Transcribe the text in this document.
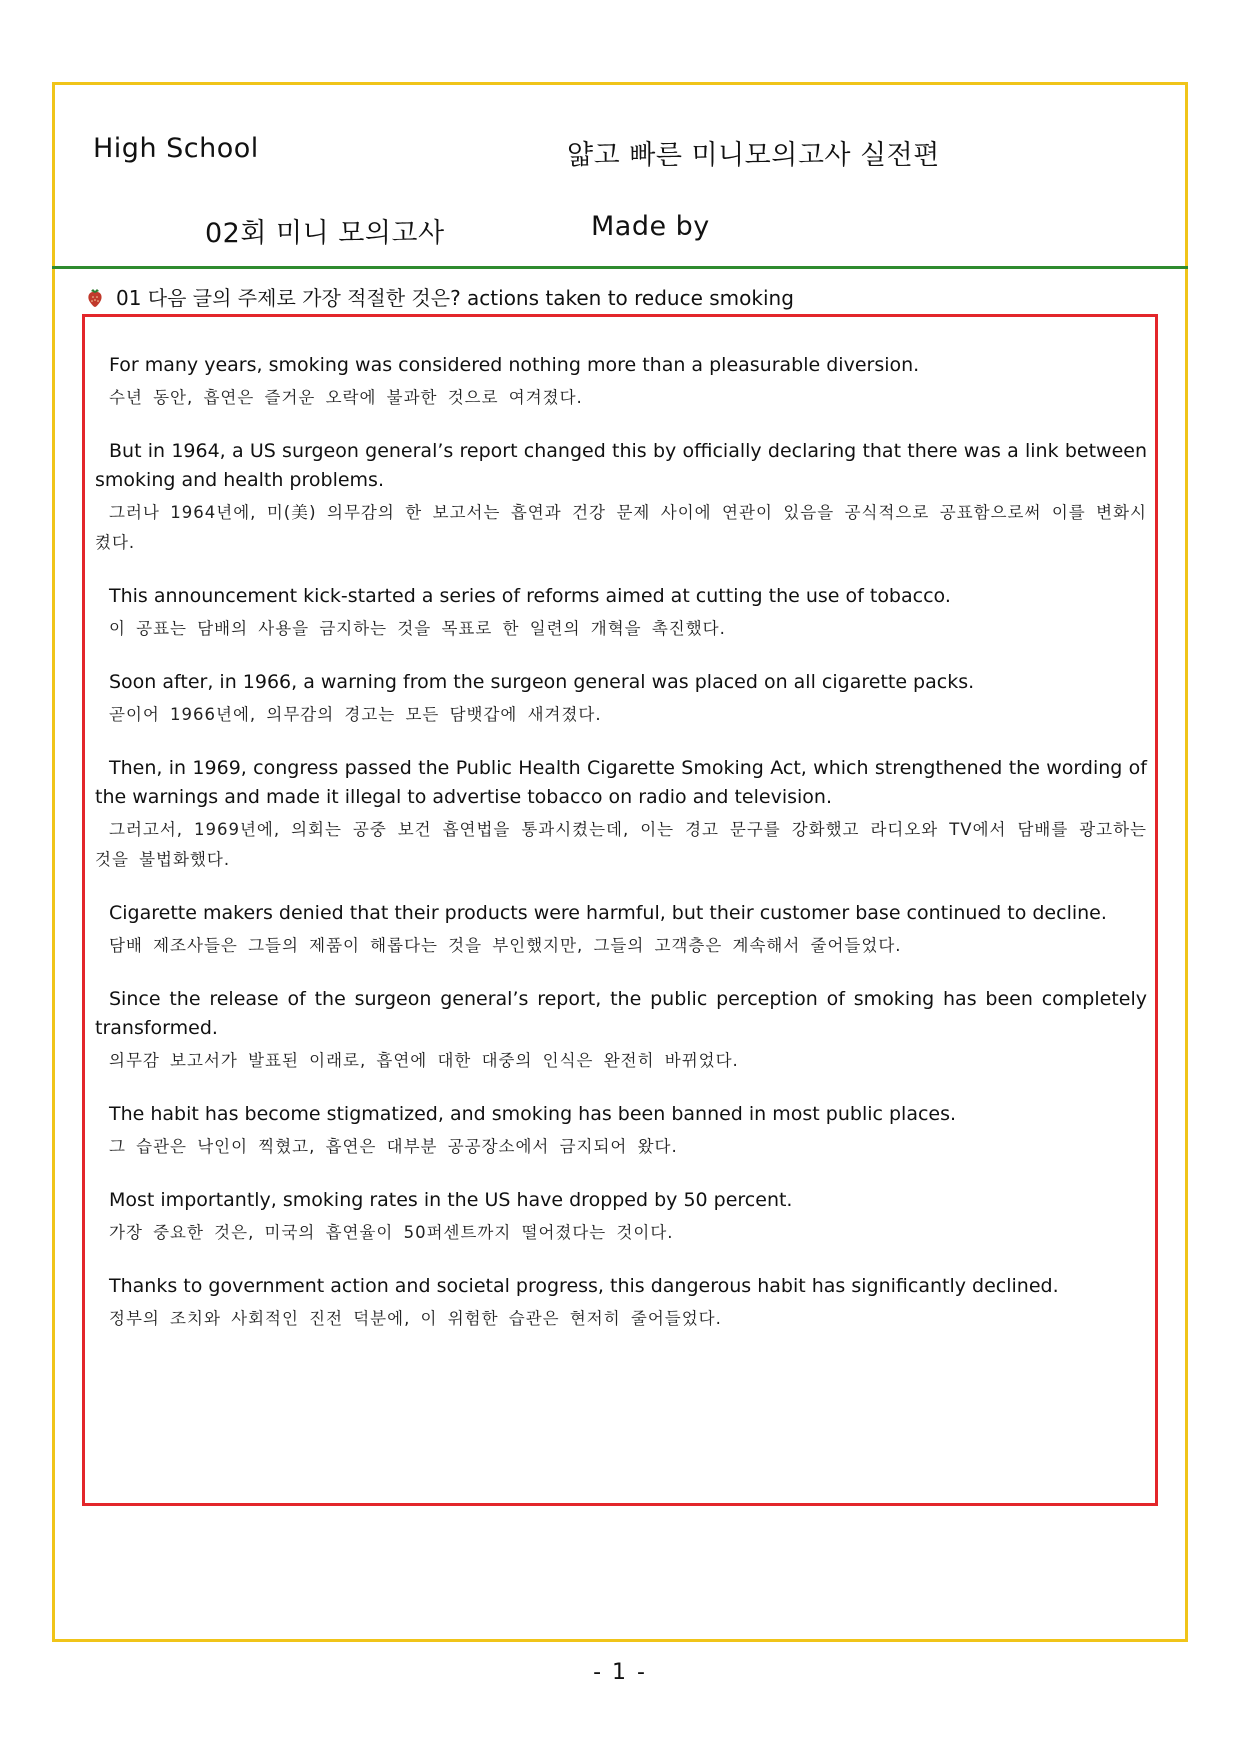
High School	얇고 빠른 미니모의고사 실전편
02회 미니 모의고사	Made by
01 다음 글의 주제로 가장 적절한 것은? actions taken to reduce smoking

For many years, smoking was considered nothing more than a pleasurable diversion.

수년 동안, 흡연은 즐거운 오락에 불과한 것으로 여겨졌다.

But in 1964, a US surgeon general’s report changed this by officially declaring that there was a link between smoking and health problems.

그러나 1964년에, 미(美) 의무감의 한 보고서는 흡연과 건강 문제 사이에 연관이 있음을 공식적으로 공표함으로써 이를 변화시켰다.

This announcement kick-started a series of reforms aimed at cutting the use of tobacco.

이 공표는 담배의 사용을 금지하는 것을 목표로 한 일련의 개혁을 촉진했다.

Soon after, in 1966, a warning from the surgeon general was placed on all cigarette packs.

곧이어 1966년에, 의무감의 경고는 모든 담뱃갑에 새겨졌다.

Then, in 1969, congress passed the Public Health Cigarette Smoking Act, which strengthened the wording of the warnings and made it illegal to advertise tobacco on radio and television.

그러고서, 1969년에, 의회는 공중 보건 흡연법을 통과시켰는데, 이는 경고 문구를 강화했고 라디오와 TV에서 담배를 광고하는 것을 불법화했다.

Cigarette makers denied that their products were harmful, but their customer base continued to decline.

담배 제조사들은 그들의 제품이 해롭다는 것을 부인했지만, 그들의 고객층은 계속해서 줄어들었다.

Since the release of the surgeon general’s report, the public perception of smoking has been completely transformed.

의무감 보고서가 발표된 이래로, 흡연에 대한 대중의 인식은 완전히 바뀌었다.

The habit has become stigmatized, and smoking has been banned in most public places.

그 습관은 낙인이 찍혔고, 흡연은 대부분 공공장소에서 금지되어 왔다.

Most importantly, smoking rates in the US have dropped by 50 percent.

가장 중요한 것은, 미국의 흡연율이 50퍼센트까지 떨어졌다는 것이다.

Thanks to government action and societal progress, this dangerous habit has significantly declined.

정부의 조치와 사회적인 진전 덕분에, 이 위험한 습관은 현저히 줄어들었다.

- 1 -
